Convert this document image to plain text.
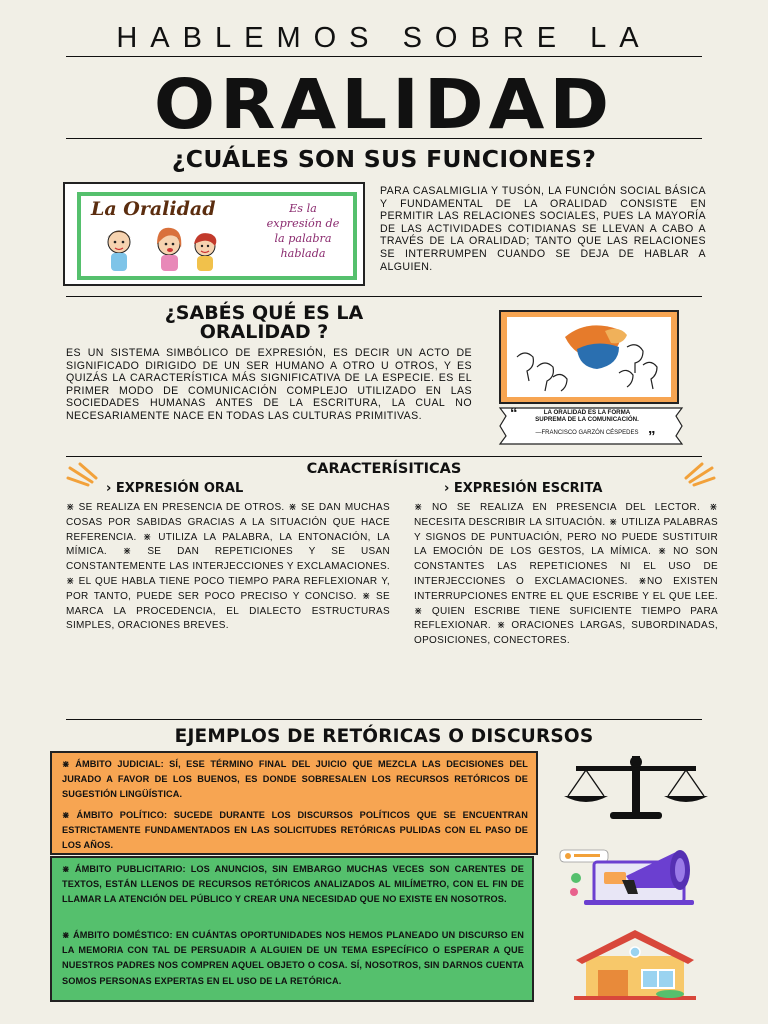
HABLEMOS SOBRE LA
ORALIDAD
¿CUÁLES SON SUS FUNCIONES?
La Oralidad	Es la
expresión de
la palabra
hablada
PARA CASALMIGLIA Y TUSÓN, LA FUNCIÓN SOCIAL BÁSICA Y FUNDAMENTAL DE LA ORALIDAD CONSISTE EN PERMITIR LAS RELACIONES SOCIALES, PUES LA MAYORÍA DE LAS ACTIVIDADES COTIDIANAS SE LLEVAN A CABO A TRAVÉS DE LA ORALIDAD; TANTO QUE LAS RELACIONES SE INTERRUMPEN CUANDO SE DEJA DE HABLAR A ALGUIEN.
¿SABÉS QUÉ ES LA
ORALIDAD ?
ES UN SISTEMA SIMBÓLICO DE EXPRESIÓN, ES DECIR UN ACTO DE SIGNIFICADO DIRIGIDO DE UN SER HUMANO A OTRO U OTROS, Y ES QUIZÁS LA CARACTERÍSTICA MÁS SIGNIFICATIVA DE LA ESPECIE. ES EL PRIMER MODO DE COMUNICACIÓN COMPLEJO UTILIZADO EN LAS SOCIEDADES HUMANAS ANTES DE LA ESCRITURA, LA CUAL NO NECESARIAMENTE NACE EN TODAS LAS CULTURAS PRIMITIVAS.	“
”
LA ORALIDAD ES LA FORMA SUPREMA DE LA COMUNICACIÓN.
—FRANCISCO GARZÓN CÉSPEDES
CARACTERÍSITICAS
› EXPRESIÓN ORAL	› EXPRESIÓN ESCRITA
⋇ SE REALIZA EN PRESENCIA DE OTROS. ⋇ SE DAN MUCHAS COSAS POR SABIDAS GRACIAS A LA SITUACIÓN QUE HACE REFERENCIA. ⋇ UTILIZA LA PALABRA, LA ENTONACIÓN, LA MÍMICA. ⋇ SE DAN REPETICIONES Y SE USAN CONSTANTEMENTE LAS INTERJECCIONES Y EXCLAMACIONES. ⋇ EL QUE HABLA TIENE POCO TIEMPO PARA REFLEXIONAR Y, POR TANTO, PUEDE SER POCO PRECISO Y CONCISO. ⋇ SE MARCA LA PROCEDENCIA, EL DIALECTO ESTRUCTURAS SIMPLES, ORACIONES BREVES.
⋇ NO SE REALIZA EN PRESENCIA DEL LECTOR. ⋇ NECESITA DESCRIBIR LA SITUACIÓN. ⋇ UTILIZA PALABRAS Y SIGNOS DE PUNTUACIÓN, PERO NO PUEDE SUSTITUIR LA EMOCIÓN DE LOS GESTOS, LA MÍMICA. ⋇ NO SON CONSTANTES LAS REPETICIONES NI EL USO DE INTERJECCIONES O EXCLAMACIONES. ⋇NO EXISTEN INTERRUPCIONES ENTRE EL QUE ESCRIBE Y EL QUE LEE. ⋇ QUIEN ESCRIBE TIENE SUFICIENTE TIEMPO PARA REFLEXIONAR. ⋇ ORACIONES LARGAS, SUBORDINADAS, OPOSICIONES, CONECTORES.
EJEMPLOS DE RETÓRICAS O DISCURSOS
⋇ ÁMBITO JUDICIAL: SÍ, ESE TÉRMINO FINAL DEL JUICIO QUE MEZCLA LAS DECISIONES DEL JURADO A FAVOR DE LOS BUENOS, ES DONDE SOBRESALEN LOS RECURSOS RETÓRICOS DE SUGESTIÓN LINGÜÍSTICA.
⋇ ÁMBITO POLÍTICO: SUCEDE DURANTE LOS DISCURSOS POLÍTICOS QUE SE ENCUENTRAN ESTRICTAMENTE FUNDAMENTADOS EN LAS SOLICITUDES RETÓRICAS PULIDAS CON EL PASO DE LOS AÑOS.
⋇ ÁMBITO PUBLICITARIO: LOS ANUNCIOS, SIN EMBARGO MUCHAS VECES SON CARENTES DE TEXTOS, ESTÁN LLENOS DE RECURSOS RETÓRICOS ANALIZADOS AL MILÍMETRO, CON EL FIN DE LLAMAR LA ATENCIÓN DEL PÚBLICO Y CREAR UNA NECESIDAD QUE NO EXISTE EN NOSOTROS.
⋇ ÁMBITO DOMÉSTICO: EN CUÁNTAS OPORTUNIDADES NOS HEMOS PLANEADO UN DISCURSO EN LA MEMORIA CON TAL DE PERSUADIR A ALGUIEN DE UN TEMA ESPECÍFICO O ESPERAR A QUE NUESTROS PADRES NOS COMPREN AQUEL OBJETO O COSA. SÍ, NOSOTROS, SIN DARNOS CUENTA SOMOS PERSONAS EXPERTAS EN EL USO DE LA RETÓRICA.
